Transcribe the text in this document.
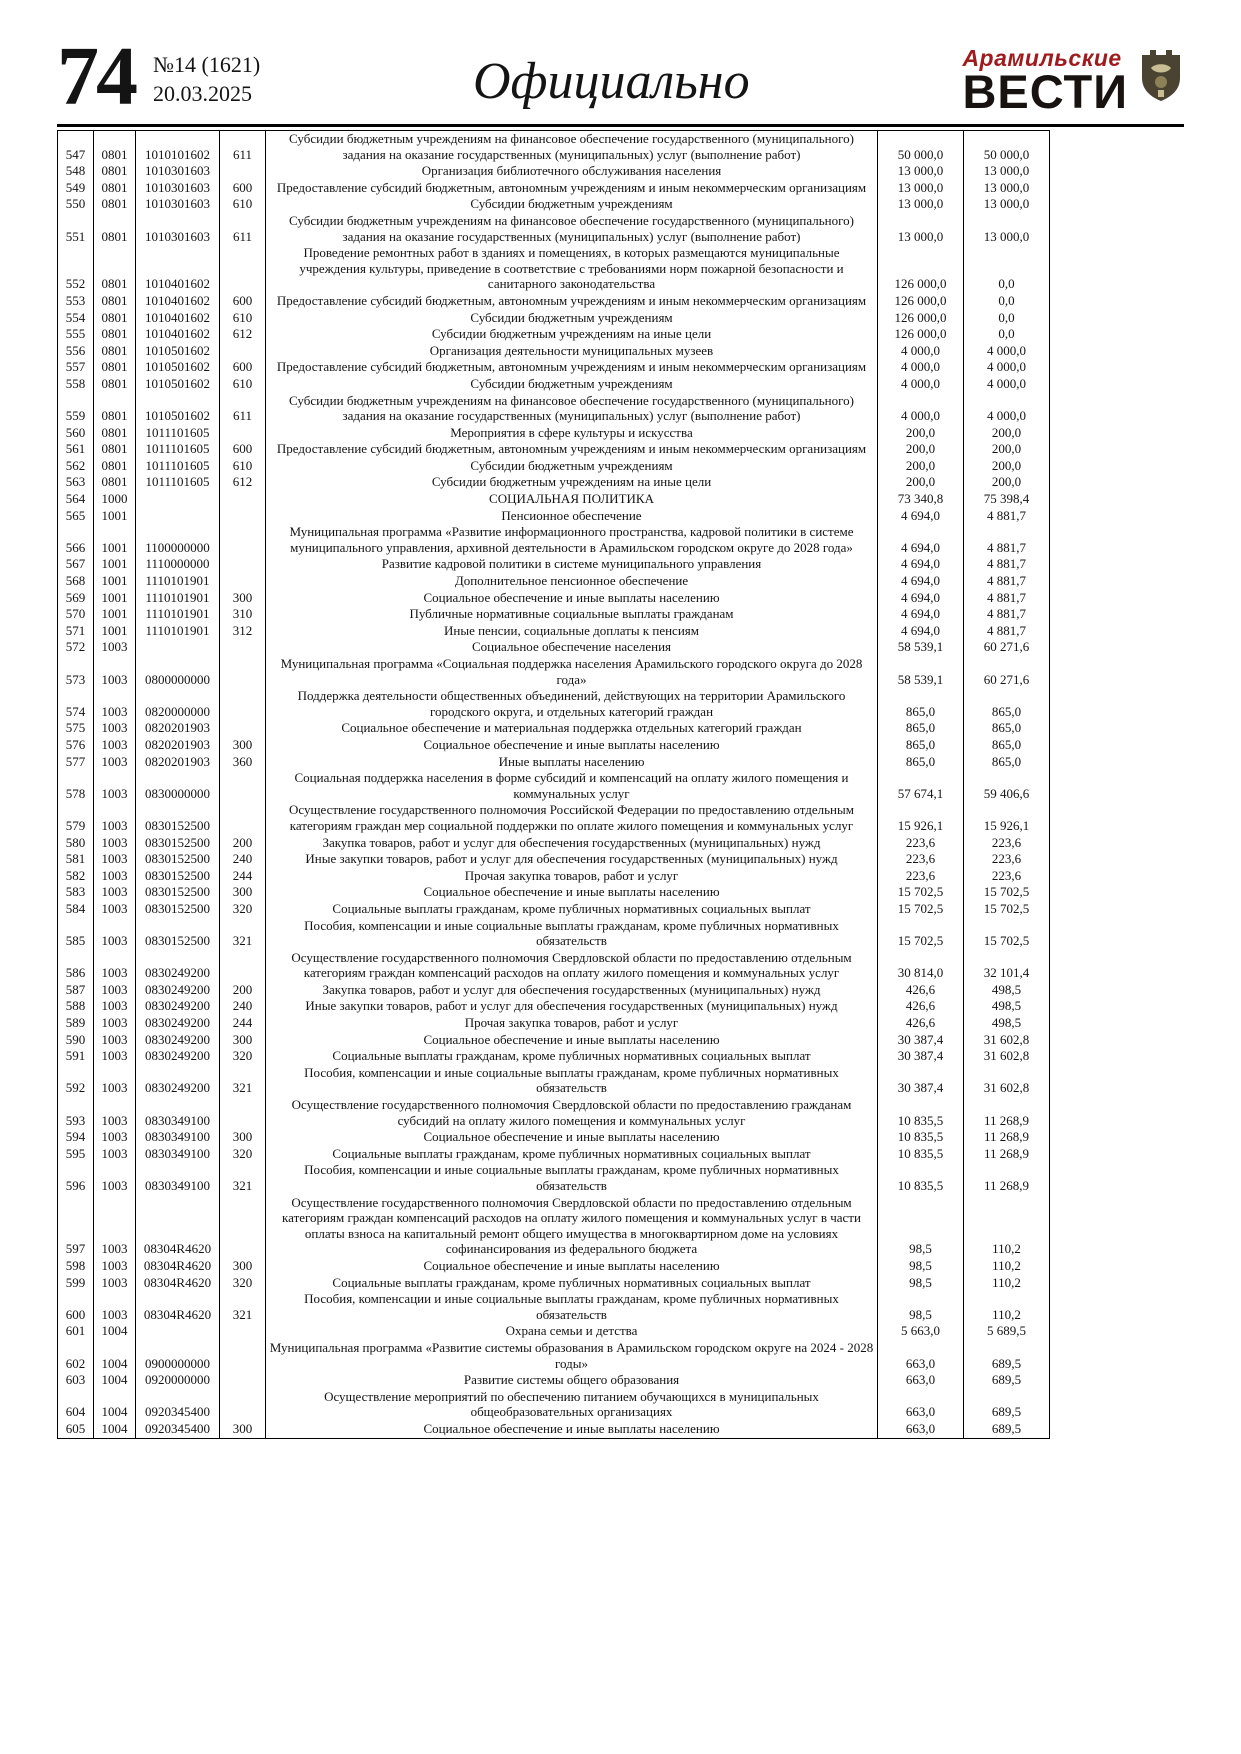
74 №14 (1621)
20.03.2025	Официально	Арамильские
ВЕСТИ
547	0801	1010101602	611	Субсидии бюджетным учреждениям на финансовое обеспечение государственного (муниципального) задания на оказание государственных (муниципальных) услуг (выполнение работ)	50 000,0	50 000,0
548	0801	1010301603		Организация библиотечного обслуживания населения	13 000,0	13 000,0
549	0801	1010301603	600	Предоставление субсидий бюджетным, автономным учреждениям и иным некоммерческим организациям	13 000,0	13 000,0
550	0801	1010301603	610	Субсидии бюджетным учреждениям	13 000,0	13 000,0
551	0801	1010301603	611	Субсидии бюджетным учреждениям на финансовое обеспечение государственного (муниципального) задания на оказание государственных (муниципальных) услуг (выполнение работ)	13 000,0	13 000,0
552	0801	1010401602		Проведение ремонтных работ в зданиях и помещениях, в которых размещаются муниципальные учреждения культуры, приведение в соответствие с требованиями норм пожарной безопасности и санитарного законодательства	126 000,0	0,0
553	0801	1010401602	600	Предоставление субсидий бюджетным, автономным учреждениям и иным некоммерческим организациям	126 000,0	0,0
554	0801	1010401602	610	Субсидии бюджетным учреждениям	126 000,0	0,0
555	0801	1010401602	612	Субсидии бюджетным учреждениям на иные цели	126 000,0	0,0
556	0801	1010501602		Организация деятельности муниципальных музеев	4 000,0	4 000,0
557	0801	1010501602	600	Предоставление субсидий бюджетным, автономным учреждениям и иным некоммерческим организациям	4 000,0	4 000,0
558	0801	1010501602	610	Субсидии бюджетным учреждениям	4 000,0	4 000,0
559	0801	1010501602	611	Субсидии бюджетным учреждениям на финансовое обеспечение государственного (муниципального) задания на оказание государственных (муниципальных) услуг (выполнение работ)	4 000,0	4 000,0
560	0801	1011101605		Мероприятия в сфере культуры и искусства	200,0	200,0
561	0801	1011101605	600	Предоставление субсидий бюджетным, автономным учреждениям и иным некоммерческим организациям	200,0	200,0
562	0801	1011101605	610	Субсидии бюджетным учреждениям	200,0	200,0
563	0801	1011101605	612	Субсидии бюджетным учреждениям на иные цели	200,0	200,0
564	1000			СОЦИАЛЬНАЯ ПОЛИТИКА	73 340,8	75 398,4
565	1001			Пенсионное обеспечение	4 694,0	4 881,7
566	1001	1100000000		Муниципальная программа «Развитие информационного пространства, кадровой политики в системе муниципального управления, архивной деятельности в Арамильском городском округе до 2028 года»	4 694,0	4 881,7
567	1001	1110000000		Развитие кадровой политики в системе муниципального управления	4 694,0	4 881,7
568	1001	1110101901		Дополнительное пенсионное обеспечение	4 694,0	4 881,7
569	1001	1110101901	300	Социальное обеспечение и иные выплаты населению	4 694,0	4 881,7
570	1001	1110101901	310	Публичные нормативные социальные выплаты гражданам	4 694,0	4 881,7
571	1001	1110101901	312	Иные пенсии, социальные доплаты к пенсиям	4 694,0	4 881,7
572	1003			Социальное обеспечение населения	58 539,1	60 271,6
573	1003	0800000000		Муниципальная программа «Социальная поддержка населения Арамильского городского округа до 2028 года»	58 539,1	60 271,6
574	1003	0820000000		Поддержка деятельности общественных объединений, действующих на территории Арамильского городского округа, и отдельных категорий граждан	865,0	865,0
575	1003	0820201903		Социальное обеспечение и материальная поддержка отдельных категорий граждан	865,0	865,0
576	1003	0820201903	300	Социальное обеспечение и иные выплаты населению	865,0	865,0
577	1003	0820201903	360	Иные выплаты населению	865,0	865,0
578	1003	0830000000		Социальная поддержка населения в форме субсидий и компенсаций на оплату жилого помещения и коммунальных услуг	57 674,1	59 406,6
579	1003	0830152500		Осуществление государственного полномочия Российской Федерации по предоставлению отдельным категориям граждан мер социальной поддержки по оплате жилого помещения и коммунальных услуг	15 926,1	15 926,1
580	1003	0830152500	200	Закупка товаров, работ и услуг для обеспечения государственных (муниципальных) нужд	223,6	223,6
581	1003	0830152500	240	Иные закупки товаров, работ и услуг для обеспечения государственных (муниципальных) нужд	223,6	223,6
582	1003	0830152500	244	Прочая закупка товаров, работ и услуг	223,6	223,6
583	1003	0830152500	300	Социальное обеспечение и иные выплаты населению	15 702,5	15 702,5
584	1003	0830152500	320	Социальные выплаты гражданам, кроме публичных нормативных социальных выплат	15 702,5	15 702,5
585	1003	0830152500	321	Пособия, компенсации и иные социальные выплаты гражданам, кроме публичных нормативных обязательств	15 702,5	15 702,5
586	1003	0830249200		Осуществление государственного полномочия Свердловской области по предоставлению отдельным категориям граждан компенсаций расходов на оплату жилого помещения и коммунальных услуг	30 814,0	32 101,4
587	1003	0830249200	200	Закупка товаров, работ и услуг для обеспечения государственных (муниципальных) нужд	426,6	498,5
588	1003	0830249200	240	Иные закупки товаров, работ и услуг для обеспечения государственных (муниципальных) нужд	426,6	498,5
589	1003	0830249200	244	Прочая закупка товаров, работ и услуг	426,6	498,5
590	1003	0830249200	300	Социальное обеспечение и иные выплаты населению	30 387,4	31 602,8
591	1003	0830249200	320	Социальные выплаты гражданам, кроме публичных нормативных социальных выплат	30 387,4	31 602,8
592	1003	0830249200	321	Пособия, компенсации и иные социальные выплаты гражданам, кроме публичных нормативных обязательств	30 387,4	31 602,8
593	1003	0830349100		Осуществление государственного полномочия Свердловской области по предоставлению гражданам субсидий на оплату жилого помещения и коммунальных услуг	10 835,5	11 268,9
594	1003	0830349100	300	Социальное обеспечение и иные выплаты населению	10 835,5	11 268,9
595	1003	0830349100	320	Социальные выплаты гражданам, кроме публичных нормативных социальных выплат	10 835,5	11 268,9
596	1003	0830349100	321	Пособия, компенсации и иные социальные выплаты гражданам, кроме публичных нормативных обязательств	10 835,5	11 268,9
597	1003	08304R4620		Осуществление государственного полномочия Свердловской области по предоставлению отдельным категориям граждан компенсаций расходов на оплату жилого помещения и коммунальных услуг в части оплаты взноса на капитальный ремонт общего имущества в многоквартирном доме на условиях софинансирования из федерального бюджета	98,5	110,2
598	1003	08304R4620	300	Социальное обеспечение и иные выплаты населению	98,5	110,2
599	1003	08304R4620	320	Социальные выплаты гражданам, кроме публичных нормативных социальных выплат	98,5	110,2
600	1003	08304R4620	321	Пособия, компенсации и иные социальные выплаты гражданам, кроме публичных нормативных обязательств	98,5	110,2
601	1004			Охрана семьи и детства	5 663,0	5 689,5
602	1004	0900000000		Муниципальная программа «Развитие системы образования в Арамильском городском округе на 2024 - 2028 годы»	663,0	689,5
603	1004	0920000000		Развитие системы общего образования	663,0	689,5
604	1004	0920345400		Осуществление мероприятий по обеспечению питанием обучающихся в муниципальных общеобразовательных организациях	663,0	689,5
605	1004	0920345400	300	Социальное обеспечение и иные выплаты населению	663,0	689,5
